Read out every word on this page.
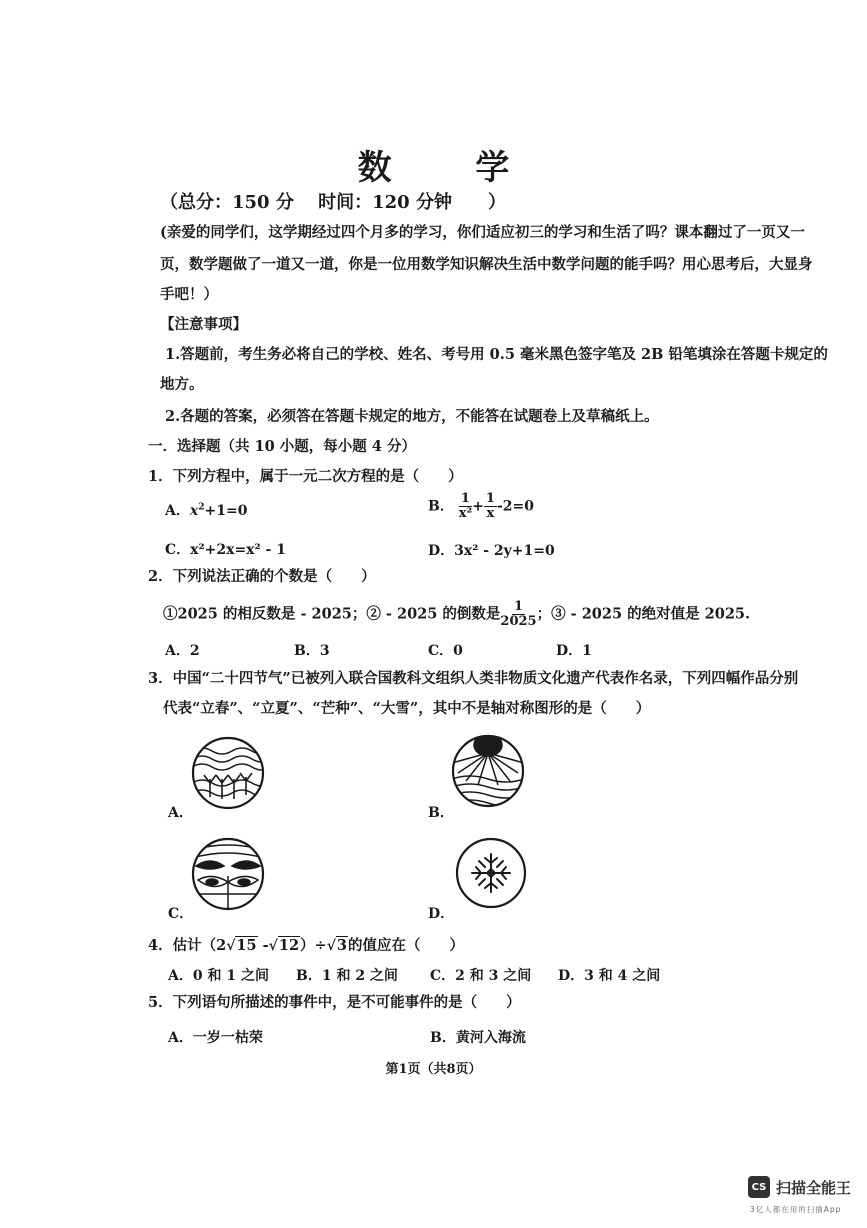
数 学
（总分：150 分　 时间：120 分钟　　）
(亲爱的同学们，这学期经过四个月多的学习，你们适应初三的学习和生活了吗？课本翻过了一页又一
页，数学题做了一道又一道，你是一位用数学知识解决生活中数学问题的能手吗？用心思考后，大显身
手吧！）
【注意事项】
1.答题前，考生务必将自己的学校、姓名、考号用 0.5 毫米黑色签字笔及 2B 铅笔填涂在答题卡规定的
地方。
2.各题的答案，必须答在答题卡规定的地方，不能答在试题卷上及草稿纸上。
一．选择题（共 10 小题，每小题 4 分）
1．下列方程中，属于一元二次方程的是（　　）
A．$x^2+1=0$	B． $\frac{1}{\text{x²}} + \frac{1}{x} -2=0$
C．x²+2x=x² - 1	D．3x² - 2y+1=0
2．下列说法正确的个数是（　　）
①2025 的相反数是 - 2025；② - 2025 的倒数是 $\frac{1}{2025}$ ；③ - 2025 的绝对值是 2025.
A．2	B．3	C．0	D．1
3．中国“二十四节气”已被列入联合国教科文组织人类非物质文化遗产代表作名录，下列四幅作品分别
代表“立春”、“立夏”、“芒种”、“大雪”，其中不是轴对称图形的是（　　）
A．	B．
C．	D．
4．估计（2√15 -√12）÷√3的值应在（　　）
A．0 和 1 之间 B．1 和 2 之间 C．2 和 3 之间 D．3 和 4 之间
5．下列语句所描述的事件中，是不可能事件的是（　　）
A．一岁一枯荣	B．黄河入海流
第1页（共8页）
CS 扫描全能王
3亿人都在用的扫描App
